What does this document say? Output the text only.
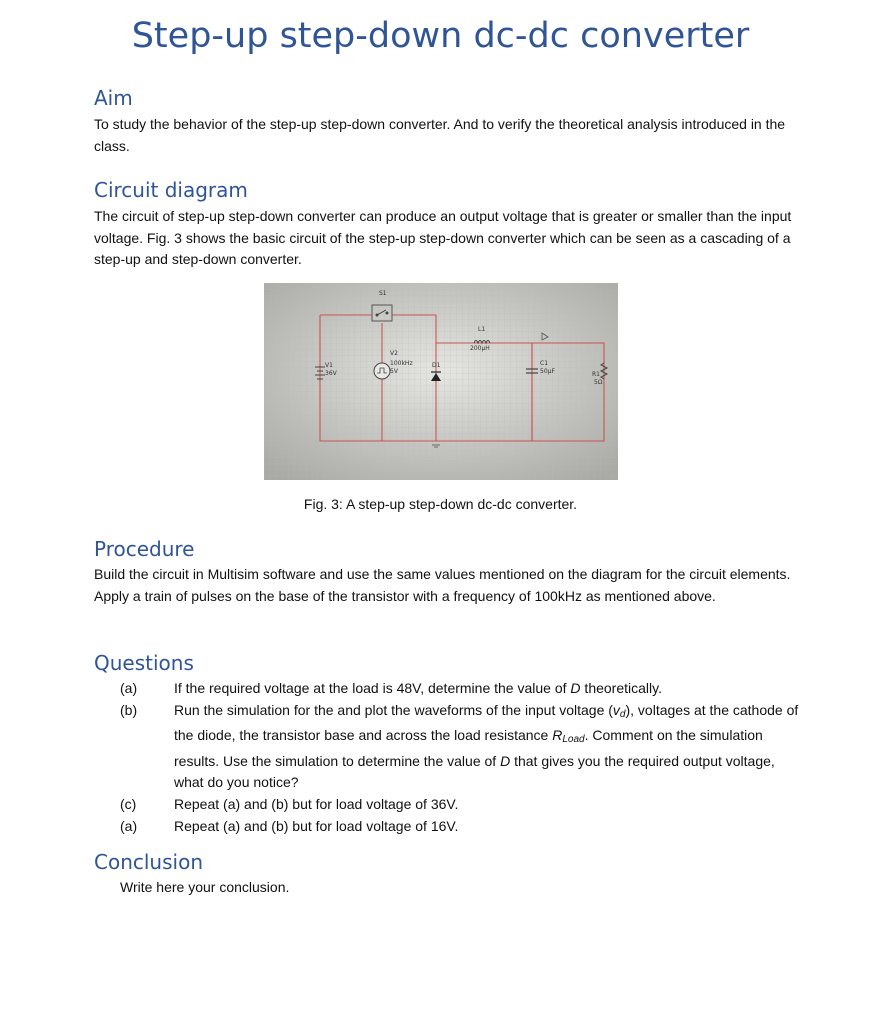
Step-up step-down dc-dc converter
Aim
To study the behavior of the step-up step-down converter. And to verify the theoretical analysis introduced in the class.
Circuit diagram
The circuit of step-up step-down converter can produce an output voltage that is greater or smaller than the input voltage. Fig. 3 shows the basic circuit of the step-up step-down converter which can be seen as a cascading of a step-up and step-down converter.
S1
V1
36V
V2
100kHz
5V
D1
L1
200µH
C1
50µF	R1
5Ω
Fig. 3: A step-up step-down dc-dc converter.
Procedure
Build the circuit in Multisim software and use the same values mentioned on the diagram for the circuit elements. Apply a train of pulses on the base of the transistor with a frequency of 100kHz as mentioned above.
Questions
(a)	If the required voltage at the load is 48V, determine the value of D theoretically.
(b)	Run the simulation for the and plot the waveforms of the input voltage $(v_d)$, voltages at the cathode of the diode, the transistor base and across the load resistance $R_{Load}$. Comment on the simulation results. Use the simulation to determine the value of D that gives you the required output voltage, what do you notice?
(c)	Repeat (a) and (b) but for load voltage of 36V.
(a)	Repeat (a) and (b) but for load voltage of 16V.
Conclusion
Write here your conclusion.
